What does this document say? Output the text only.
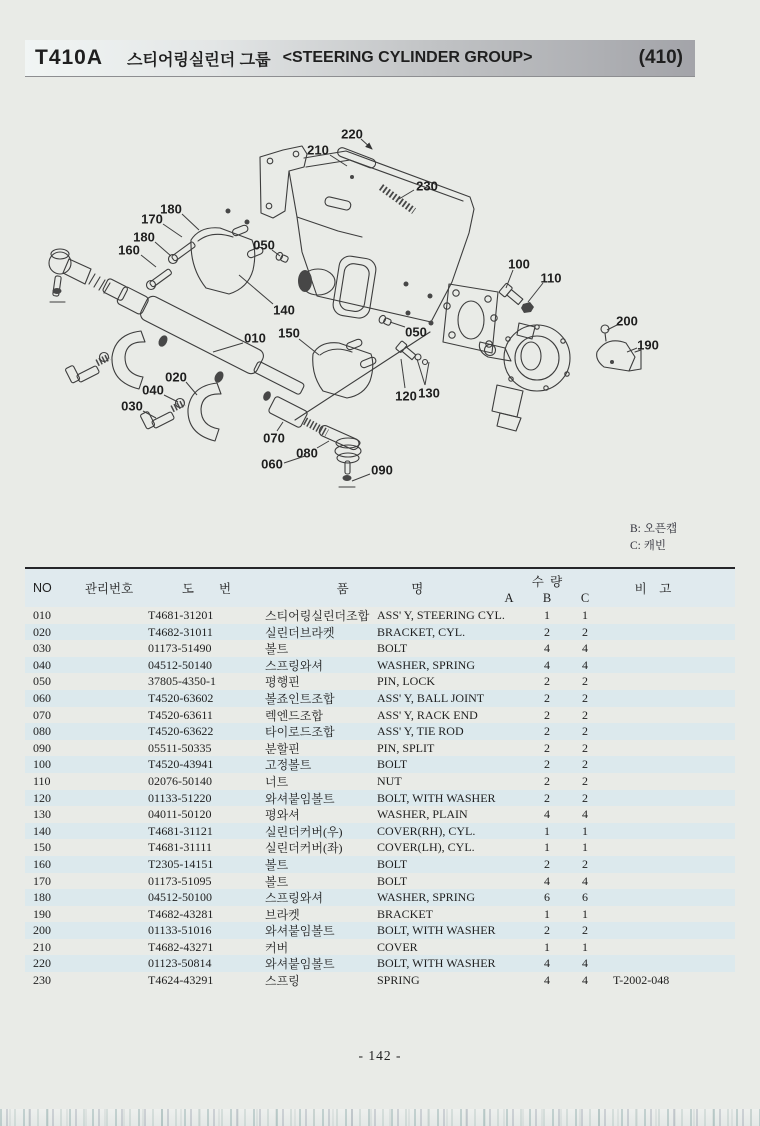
T410A 스티어링실린더 그룹 <STEERING CYLINDER GROUP>	(410)
220
210
230
180
170
180
160	050
140
100
110
200
190
010 150	050
120 130
020
040
030
070
080
060	090
B: 오픈캡
C: 캐빈
NO	관리번호	도　　번	품　　　　　명	수  량
A	B	C
비　고
010	T4681-31201	스티어링실린더조합 ASS' Y, STEERING CYL.	1	1
020	T4682-31011	실린더브라켓	BRACKET, CYL.	2	2
030	01173-51490	볼트	BOLT	4	4
040	04512-50140	스프링와셔	WASHER, SPRING	4	4
050	37805-4350-1	평행핀	PIN, LOCK	2	2
060	T4520-63602	볼죠인트조합	ASS' Y, BALL JOINT	2	2
070	T4520-63611	렉엔드조합	ASS' Y, RACK END	2	2
080	T4520-63622	타이로드조합	ASS' Y, TIE ROD	2	2
090	05511-50335	분할핀	PIN, SPLIT	2	2
100	T4520-43941	고정볼트	BOLT	2	2
110	02076-50140	너트	NUT	2	2
120	01133-51220	와셔붙임볼트	BOLT, WITH WASHER	2	2
130	04011-50120	평와셔	WASHER, PLAIN	4	4
140	T4681-31121	실린더커버(우)	COVER(RH), CYL.	1	1
150	T4681-31111	실린더커버(좌)	COVER(LH), CYL.	1	1
160	T2305-14151	볼트	BOLT	2	2
170	01173-51095	볼트	BOLT	4	4
180	04512-50100	스프링와셔	WASHER, SPRING	6	6
190	T4682-43281	브라켓	BRACKET	1	1
200	01133-51016	와셔붙임볼트	BOLT, WITH WASHER	2	2
210	T4682-43271	커버	COVER	1	1
220	01123-50814	와셔붙임볼트	BOLT, WITH WASHER	4	4
230	T4624-43291	스프링	SPRING	4	4	T-2002-048
- 142 -
